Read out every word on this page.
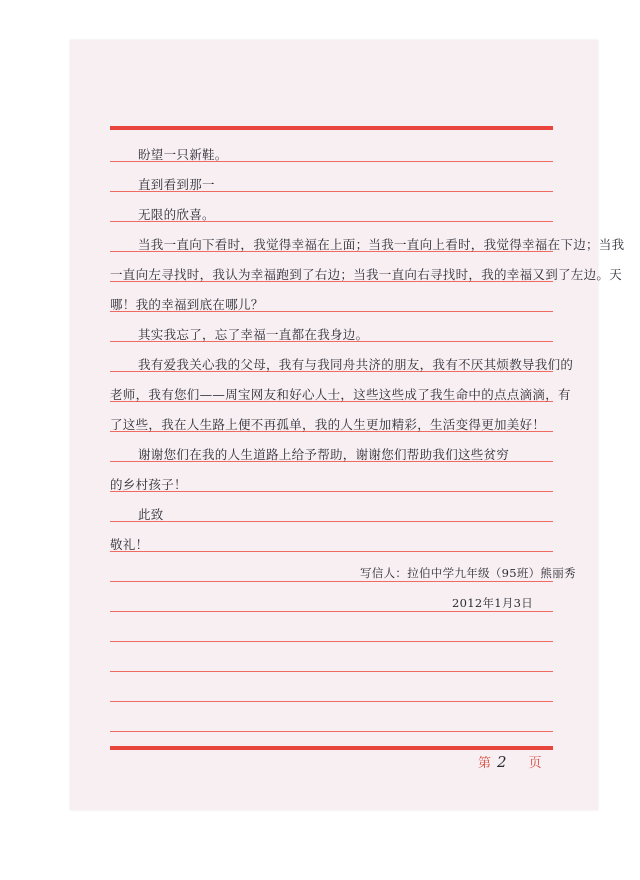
盼望一只新鞋。
直到看到那一
无限的欣喜。
当我一直向下看时，我觉得幸福在上面；当我一直向上看时，我觉得幸福在下边；当我
一直向左寻找时，我认为幸福跑到了右边；当我一直向右寻找时，我的幸福又到了左边。天
哪！我的幸福到底在哪儿？
其实我忘了，忘了幸福一直都在我身边。
我有爱我关心我的父母，我有与我同舟共济的朋友，我有不厌其烦教导我们的
老师，我有您们——周宝网友和好心人士，这些这些成了我生命中的点点滴滴，有
了这些，我在人生路上便不再孤单，我的人生更加精彩，生活变得更加美好！
谢谢您们在我的人生道路上给予帮助，谢谢您们帮助我们这些贫穷
的乡村孩子！
此致
敬礼！
写信人：拉伯中学九年级（95班）熊丽秀
2012年1月3日
第 2 页
